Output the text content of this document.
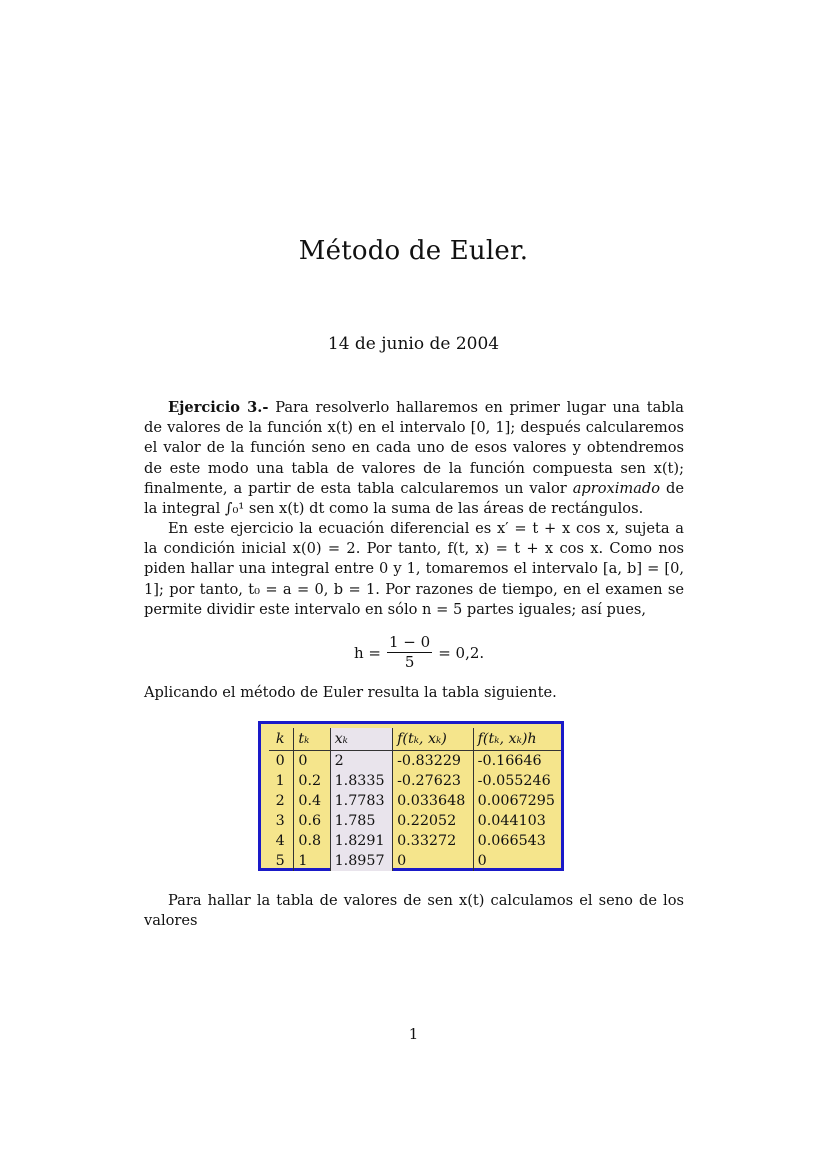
Método de Euler.
14 de junio de 2004
Ejercicio 3.- Para resolverlo hallaremos en primer lugar una tabla de valores de la función x(t) en el intervalo [0, 1]; después calcularemos el valor de la función seno en cada uno de esos valores y obtendremos de este modo una tabla de valores de la función compuesta sen x(t); finalmente, a partir de esta tabla calcularemos un valor aproximado de la integral ∫₀¹ sen x(t) dt como la suma de las áreas de rectángulos.
En este ejercicio la ecuación diferencial es x′ = t + x cos x, sujeta a la condición inicial x(0) = 2. Por tanto, f(t, x) = t + x cos x. Como nos piden hallar una integral entre 0 y 1, tomaremos el intervalo [a, b] = [0, 1]; por tanto, t₀ = a = 0, b = 1. Por razones de tiempo, en el examen se permite dividir este intervalo en sólo n = 5 partes iguales; así pues,
$h = \frac{1 - 0}{5} = 0,2$.
Aplicando el método de Euler resulta la tabla siguiente.
k	tₖ	xₖ	f(tₖ, xₖ)	f(tₖ, xₖ)h
0	0	2	-0.83229	-0.16646
1	0.2	1.8335	-0.27623	-0.055246
2	0.4	1.7783	0.033648	0.0067295
3	0.6	1.785	0.22052	0.044103
4	0.8	1.8291	0.33272	0.066543
5	1	1.8957	0	0
Para hallar la tabla de valores de sen x(t) calculamos el seno de los valores
1
